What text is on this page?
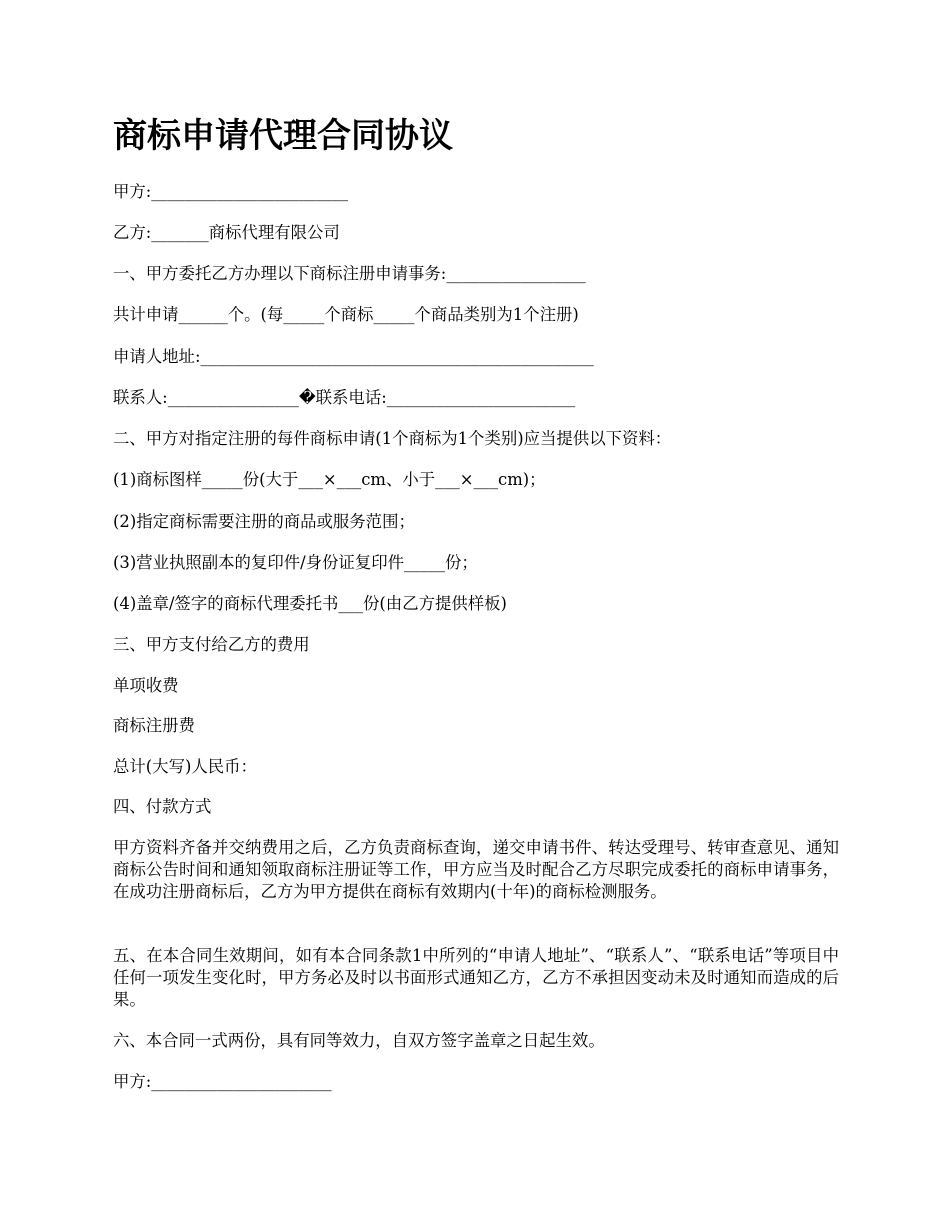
商标申请代理合同协议

甲方:________________________

乙方:_______商标代理有限公司

一、甲方委托乙方办理以下商标注册申请事务:_________________

共计申请______个。(每_____个商标_____个商品类别为1个注册)

申请人地址:________________________________________________

联系人:________________�联系电话:_______________________

二、甲方对指定注册的每件商标申请(1个商标为1个类别)应当提供以下资料：

(1)商标图样_____份(大于___×___cm、小于___×___cm)；

(2)指定商标需要注册的商品或服务范围；

(3)营业执照副本的复印件/身份证复印件_____份；

(4)盖章/签字的商标代理委托书___份(由乙方提供样板)

三、甲方支付给乙方的费用

单项收费

商标注册费

总计(大写)人民币：

四、付款方式

甲方资料齐备并交纳费用之后，乙方负责商标查询，递交申请书件、转达受理号、转审查意见、通知商标公告时间和通知领取商标注册证等工作，甲方应当及时配合乙方尽职完成委托的商标申请事务，在成功注册商标后，乙方为甲方提供在商标有效期内(十年)的商标检测服务。

五、在本合同生效期间，如有本合同条款1中所列的“申请人地址”、“联系人”、“联系电话”等项目中任何一项发生变化时，甲方务必及时以书面形式通知乙方，乙方不承担因变动未及时通知而造成的后果。

六、本合同一式两份，具有同等效力，自双方签字盖章之日起生效。

甲方:______________________
